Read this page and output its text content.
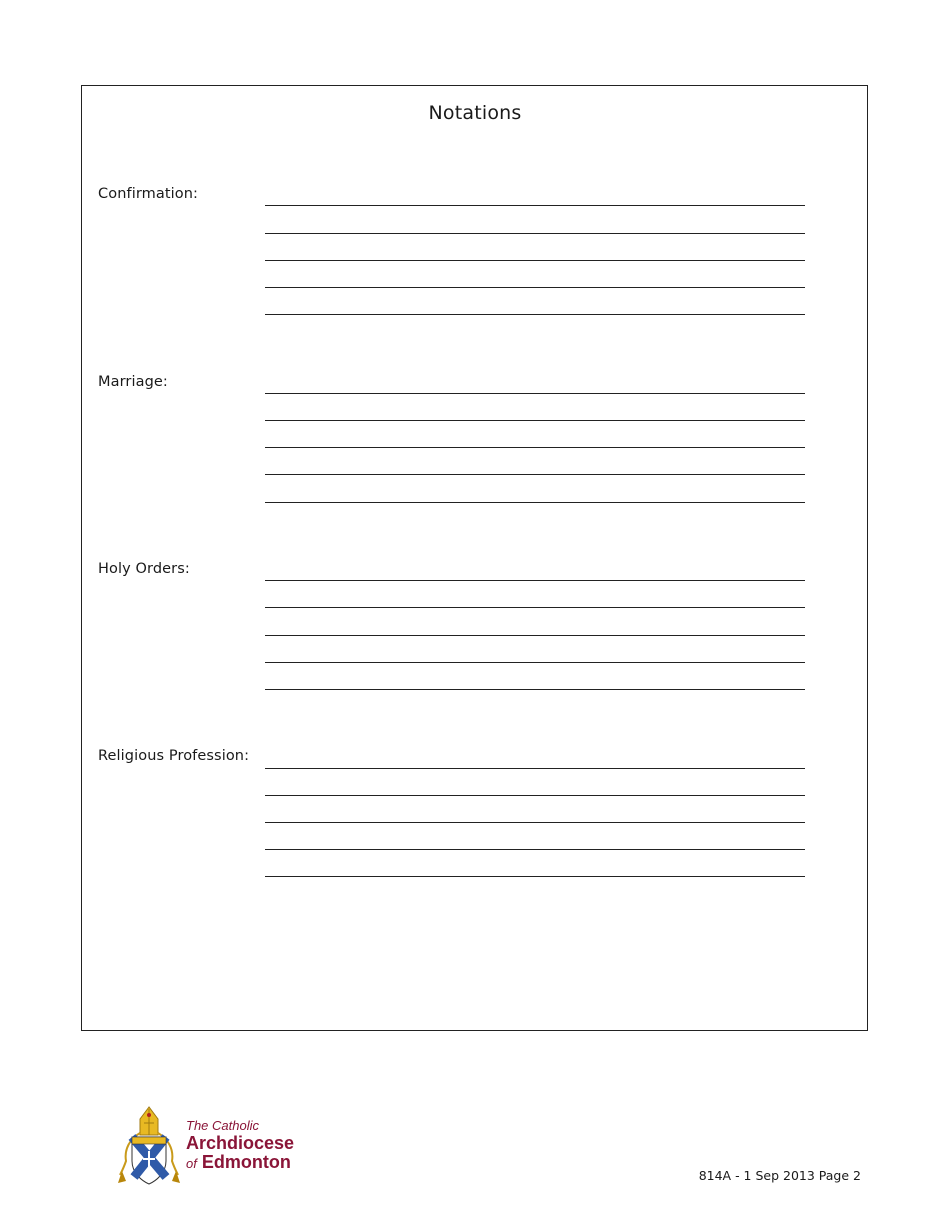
Notations
Confirmation:
Marriage:
Holy Orders:
Religious Profession:
The Catholic
Archdiocese
of Edmonton
814A - 1 Sep 2013 Page 2
